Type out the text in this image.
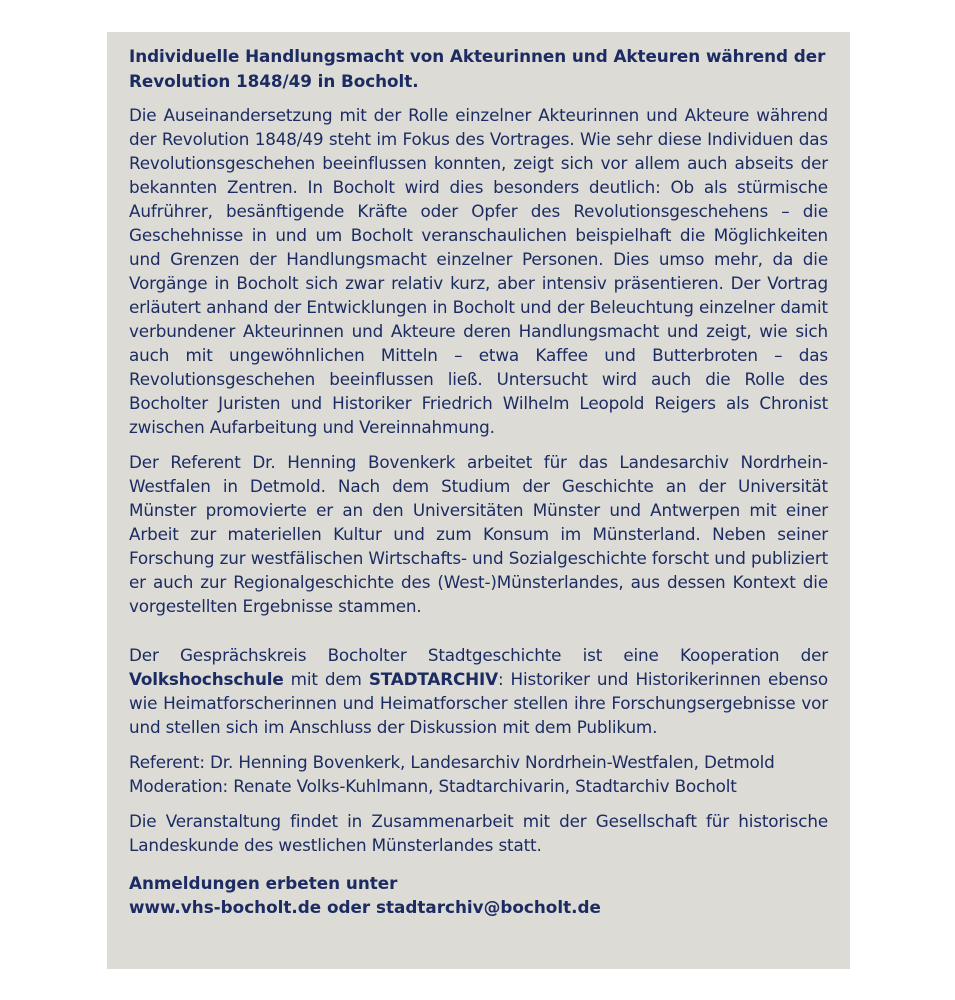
Individuelle Handlungsmacht von Akteurinnen und Akteuren während der Revolution 1848/49 in Bocholt.
Die Auseinandersetzung mit der Rolle einzelner Akteurinnen und Akteure während der Revolution 1848/49 steht im Fokus des Vortrages. Wie sehr diese Individuen das Revolutionsgeschehen beeinflussen konnten, zeigt sich vor allem auch abseits der bekannten Zentren. In Bocholt wird dies besonders deutlich: Ob als stürmische Aufrührer, besänftigende Kräfte oder Opfer des Revolutionsgeschehens – die Geschehnisse in und um Bocholt veranschaulichen beispielhaft die Möglichkeiten und Grenzen der Handlungsmacht einzelner Personen. Dies umso mehr, da die Vorgänge in Bocholt sich zwar relativ kurz, aber intensiv präsentieren. Der Vortrag erläutert anhand der Entwicklungen in Bocholt und der Beleuchtung einzelner damit verbundener Akteurinnen und Akteure deren Handlungsmacht und zeigt, wie sich auch mit ungewöhnlichen Mitteln – etwa Kaffee und Butterbroten – das Revolutionsgeschehen beeinflussen ließ. Untersucht wird auch die Rolle des Bocholter Juristen und Historiker Friedrich Wilhelm Leopold Reigers als Chronist zwischen Aufarbeitung und Vereinnahmung.
Der Referent Dr. Henning Bovenkerk arbeitet für das Landesarchiv Nordrhein-Westfalen in Detmold. Nach dem Studium der Geschichte an der Universität Münster promovierte er an den Universitäten Münster und Antwerpen mit einer Arbeit zur materiellen Kultur und zum Konsum im Münsterland. Neben seiner Forschung zur westfälischen Wirtschafts- und Sozialgeschichte forscht und publiziert er auch zur Regionalgeschichte des (West-)Münsterlandes, aus dessen Kontext die vorgestellten Ergebnisse stammen.
Der Gesprächskreis Bocholter Stadtgeschichte ist eine Kooperation der Volkshochschule mit dem STADTARCHIV: Historiker und Historikerinnen ebenso wie Heimatforscherinnen und Heimatforscher stellen ihre Forschungsergebnisse vor und stellen sich im Anschluss der Diskussion mit dem Publikum.
Referent: Dr. Henning Bovenkerk, Landesarchiv Nordrhein-Westfalen, Detmold
Moderation: Renate Volks-Kuhlmann, Stadtarchivarin, Stadtarchiv Bocholt
Die Veranstaltung findet in Zusammenarbeit mit der Gesellschaft für historische Landeskunde des westlichen Münsterlandes statt.
Anmeldungen erbeten unter
www.vhs-bocholt.de oder stadtarchiv@bocholt.de
